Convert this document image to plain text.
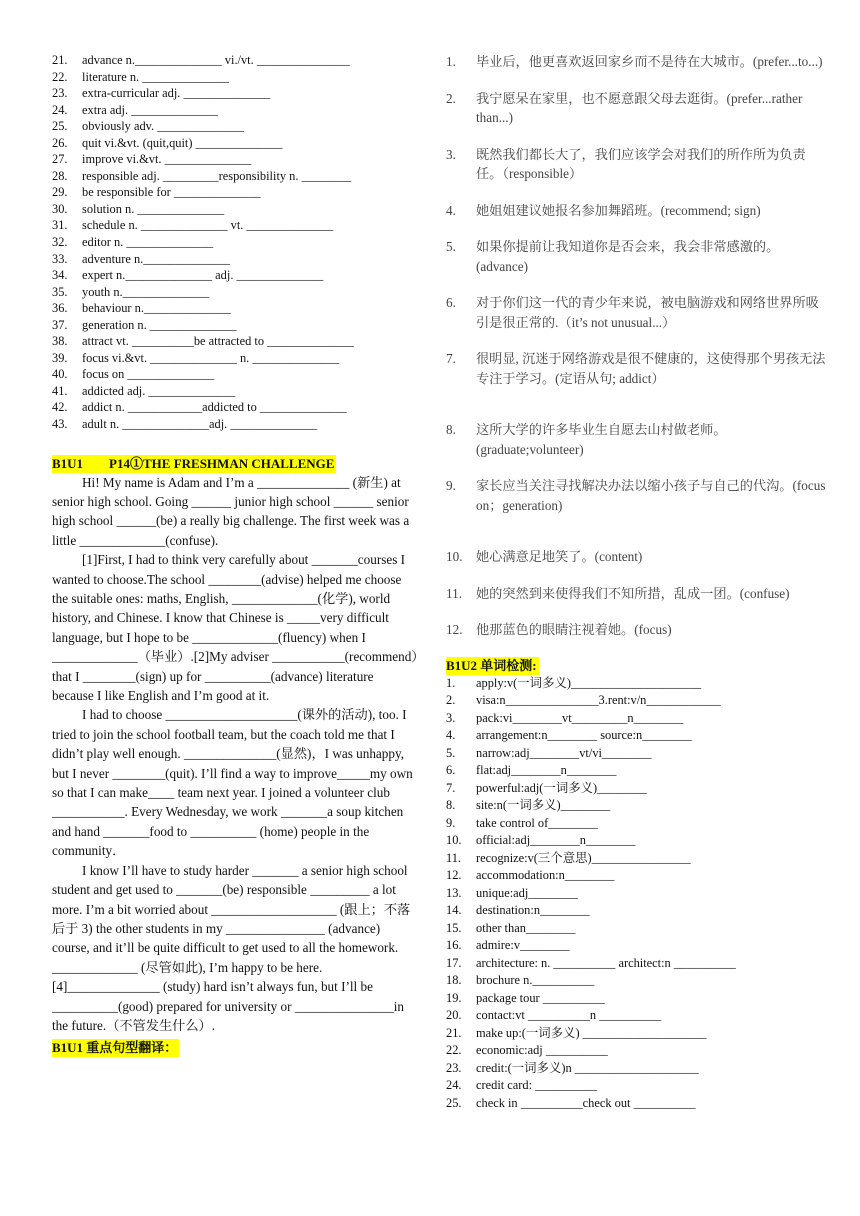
21.	advance n.______________ vi./vt. _______________
22.	literature n. ______________
23.	extra-curricular adj. ______________
24.	extra adj. ______________
25.	obviously adv. ______________
26.	quit vi.&vt. (quit,quit) ______________
27.	improve vi.&vt. ______________
28.	responsible adj. _________responsibility n. ________
29.	be responsible for ______________
30.	solution n. ______________
31.	schedule n. ______________ vt. ______________
32.	editor n. ______________
33.	adventure n.______________
34.	expert n.______________ adj. ______________
35.	youth n.______________
36.	behaviour n.______________
37.	generation n. ______________
38.	attract vt. __________be attracted to ______________
39.	focus vi.&vt. ______________ n. ______________
40.	focus on ______________
41.	addicted adj. ______________
42.	addict n. ____________addicted to ______________
43.	adult n. ______________adj. ______________
B1U1　　P14①THE FRESHMAN CHALLENGE

Hi! My name is Adam and I’m a ______________ (新生) at senior high school. Going ______ junior high school ______ senior high school ______(be) a really big challenge. The first week was a little _____________(confuse).

[1]First, I had to think very carefully about _______courses I wanted to choose.The school ________(advise) helped me choose the suitable ones: maths, English, _____________(化学), world history, and Chinese. I know that Chinese is _____very difficult language, but I hope to be _____________(fluency) when I _____________（毕业）.[2]My adviser ___________(recommend）that I ________(sign) up for __________(advance) literature because I like English and I’m good at it.

I had to choose ____________________(课外的活动), too. I tried to join the school football team, but the coach told me that I didn’t play well enough. ______________(显然)，I was unhappy, but I never ________(quit). I’ll find a way to improve_____my own so that I can make____ team next year. I joined a volunteer club ___________. Every Wednesday, we work _______a soup kitchen and hand _______food to __________ (home) people in the community．

I know I’ll have to study harder _______ a senior high school student and get used to _______(be) responsible _________ a lot more. I’m a bit worried about ___________________ (跟上；不落后于 3) the other students in my _______________ (advance) course, and it’ll be quite difficult to get used to all the homework. _____________ (尽管如此), I’m happy to be here.[4]______________ (study) hard isn’t always fun, but I’ll be __________(good) prepared for university or _______________in the future.（不管发生什么）.

B1U1 重点句型翻译：
1.	毕业后，他更喜欢返回家乡而不是待在大城市。(prefer...to...)
2.	我宁愿呆在家里，也不愿意跟父母去逛街。(prefer...rather than...)
3.	既然我们都长大了，我们应该学会对我们的所作所为负责任。（responsible）
4.	她姐姐建议她报名参加舞蹈班。(recommend; sign)
5.	如果你提前让我知道你是否会来，我会非常感激的。(advance)
6.	对于你们这一代的青少年来说，被电脑游戏和网络世界所吸引是很正常的.（it’s not unusual...）
7.	很明显, 沉迷于网络游戏是很不健康的，这使得那个男孩无法专注于学习。(定语从句; addict）
8.	这所大学的许多毕业生自愿去山村做老师。(graduate;volunteer)
9.	家长应当关注寻找解决办法以缩小孩子与自己的代沟。(focus on；generation)
10.	她心满意足地笑了。(content)
11.	她的突然到来使得我们不知所措，乱成一团。(confuse)
12.	他那蓝色的眼睛注视着她。(focus)
B1U2 单词检测:
1.	apply:v(一词多义)_____________________
2.	visa:n_______________3.rent:v/n____________
3.	pack:vi________vt_________n________
4.	arrangement:n________ source:n________
5.	narrow:adj________vt/vi________
6.	flat:adj________n________
7.	powerful:adj(一词多义)________
8.	site:n(一词多义)________
9.	take control of________
10.	official:adj________n________
11.	recognize:v(三个意思)________________
12.	accommodation:n________
13.	unique:adj________
14.	destination:n________
15.	other than________
16.	admire:v________
17.	architecture: n. __________ architect:n __________
18.	brochure n.__________
19.	package tour __________
20.	contact:vt __________n __________
21.	make up:(一词多义) ____________________
22.	economic:adj __________
23.	credit:(一词多义)n ____________________
24.	credit card: __________
25.	check in __________check out __________
